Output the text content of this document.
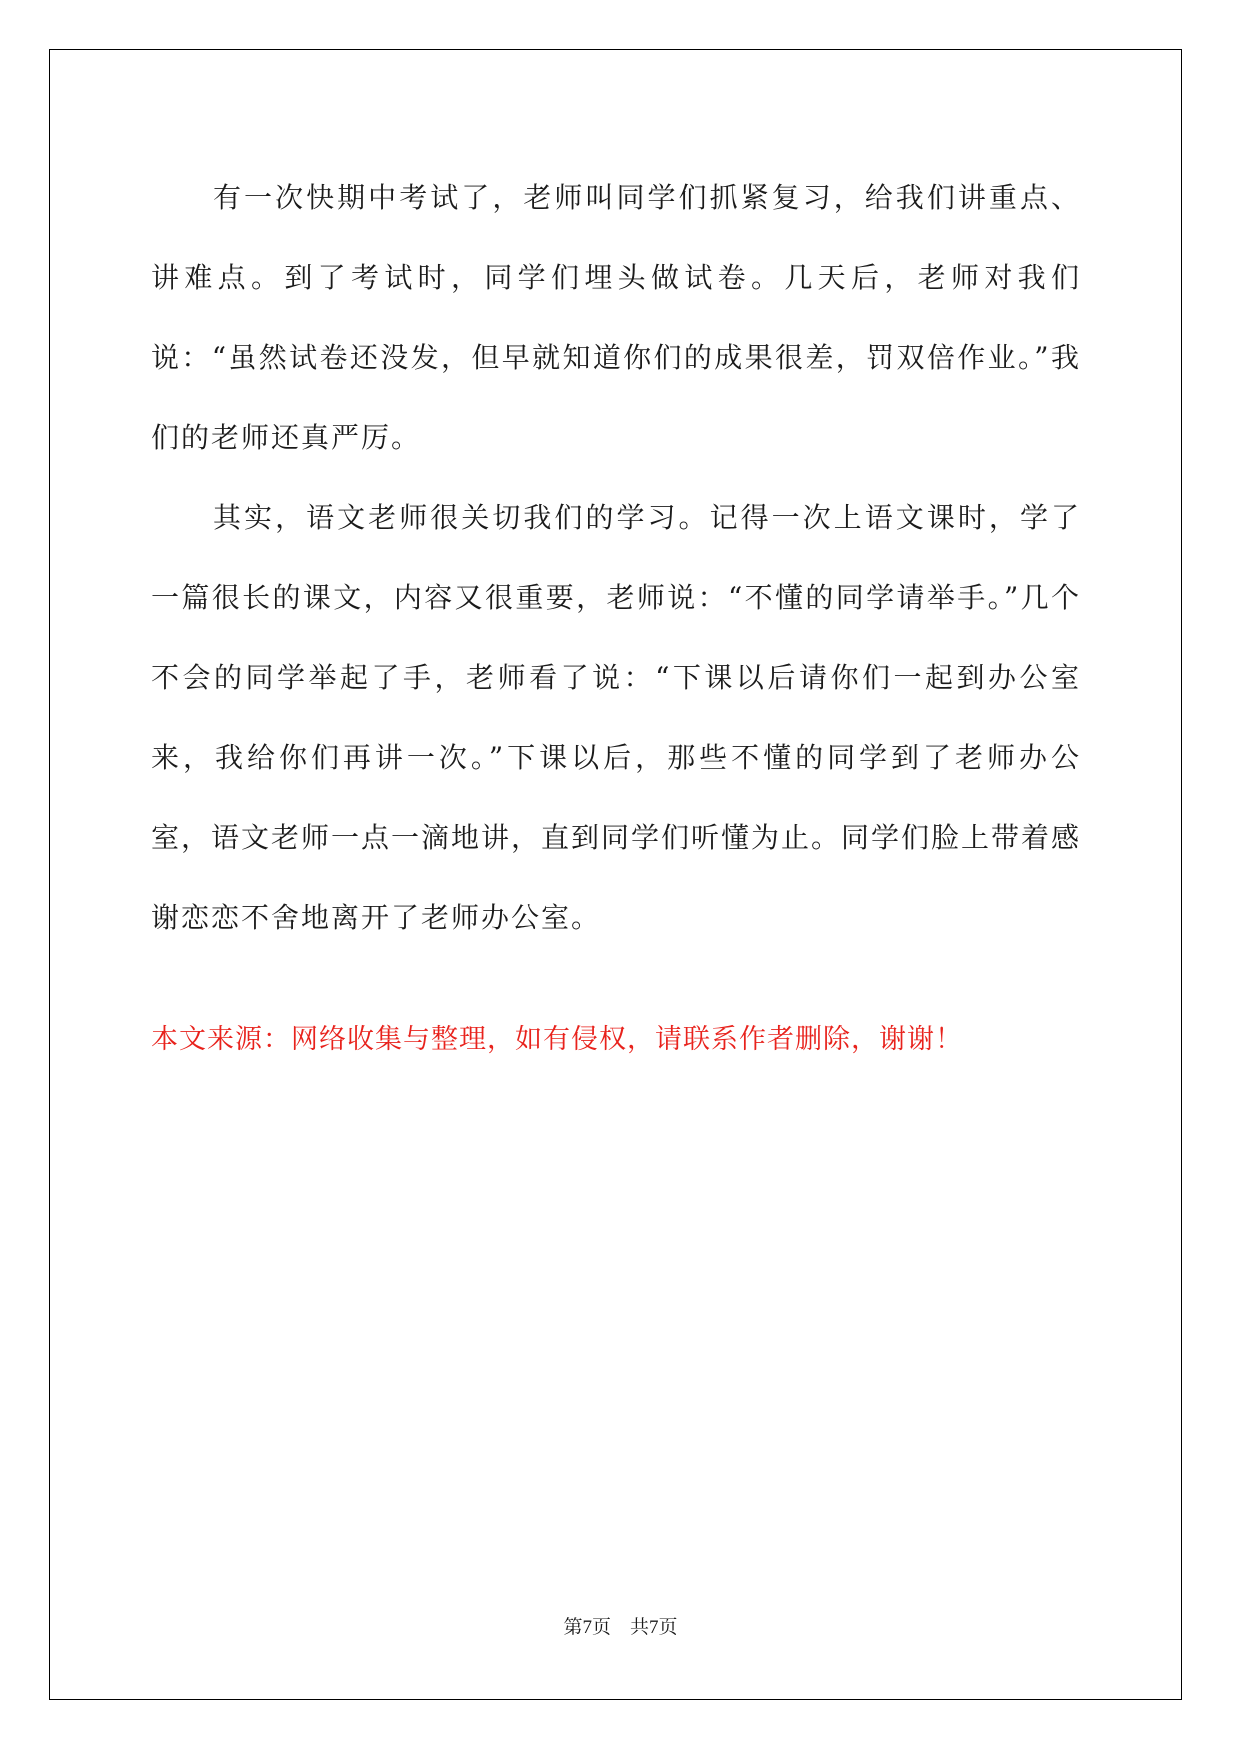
有一次快期中考试了，老师叫同学们抓紧复习，给我们讲重点、讲难点。到了考试时，同学们埋头做试卷。几天后，老师对我们说：“虽然试卷还没发，但早就知道你们的成果很差，罚双倍作业。”我们的老师还真严厉。

其实，语文老师很关切我们的学习。记得一次上语文课时，学了一篇很长的课文，内容又很重要，老师说：“不懂的同学请举手。”几个不会的同学举起了手，老师看了说：“下课以后请你们一起到办公室来，我给你们再讲一次。”下课以后，那些不懂的同学到了老师办公室，语文老师一点一滴地讲，直到同学们听懂为止。同学们脸上带着感谢恋恋不舍地离开了老师办公室。

本文来源：网络收集与整理，如有侵权，请联系作者删除，谢谢！
第7页　共7页
